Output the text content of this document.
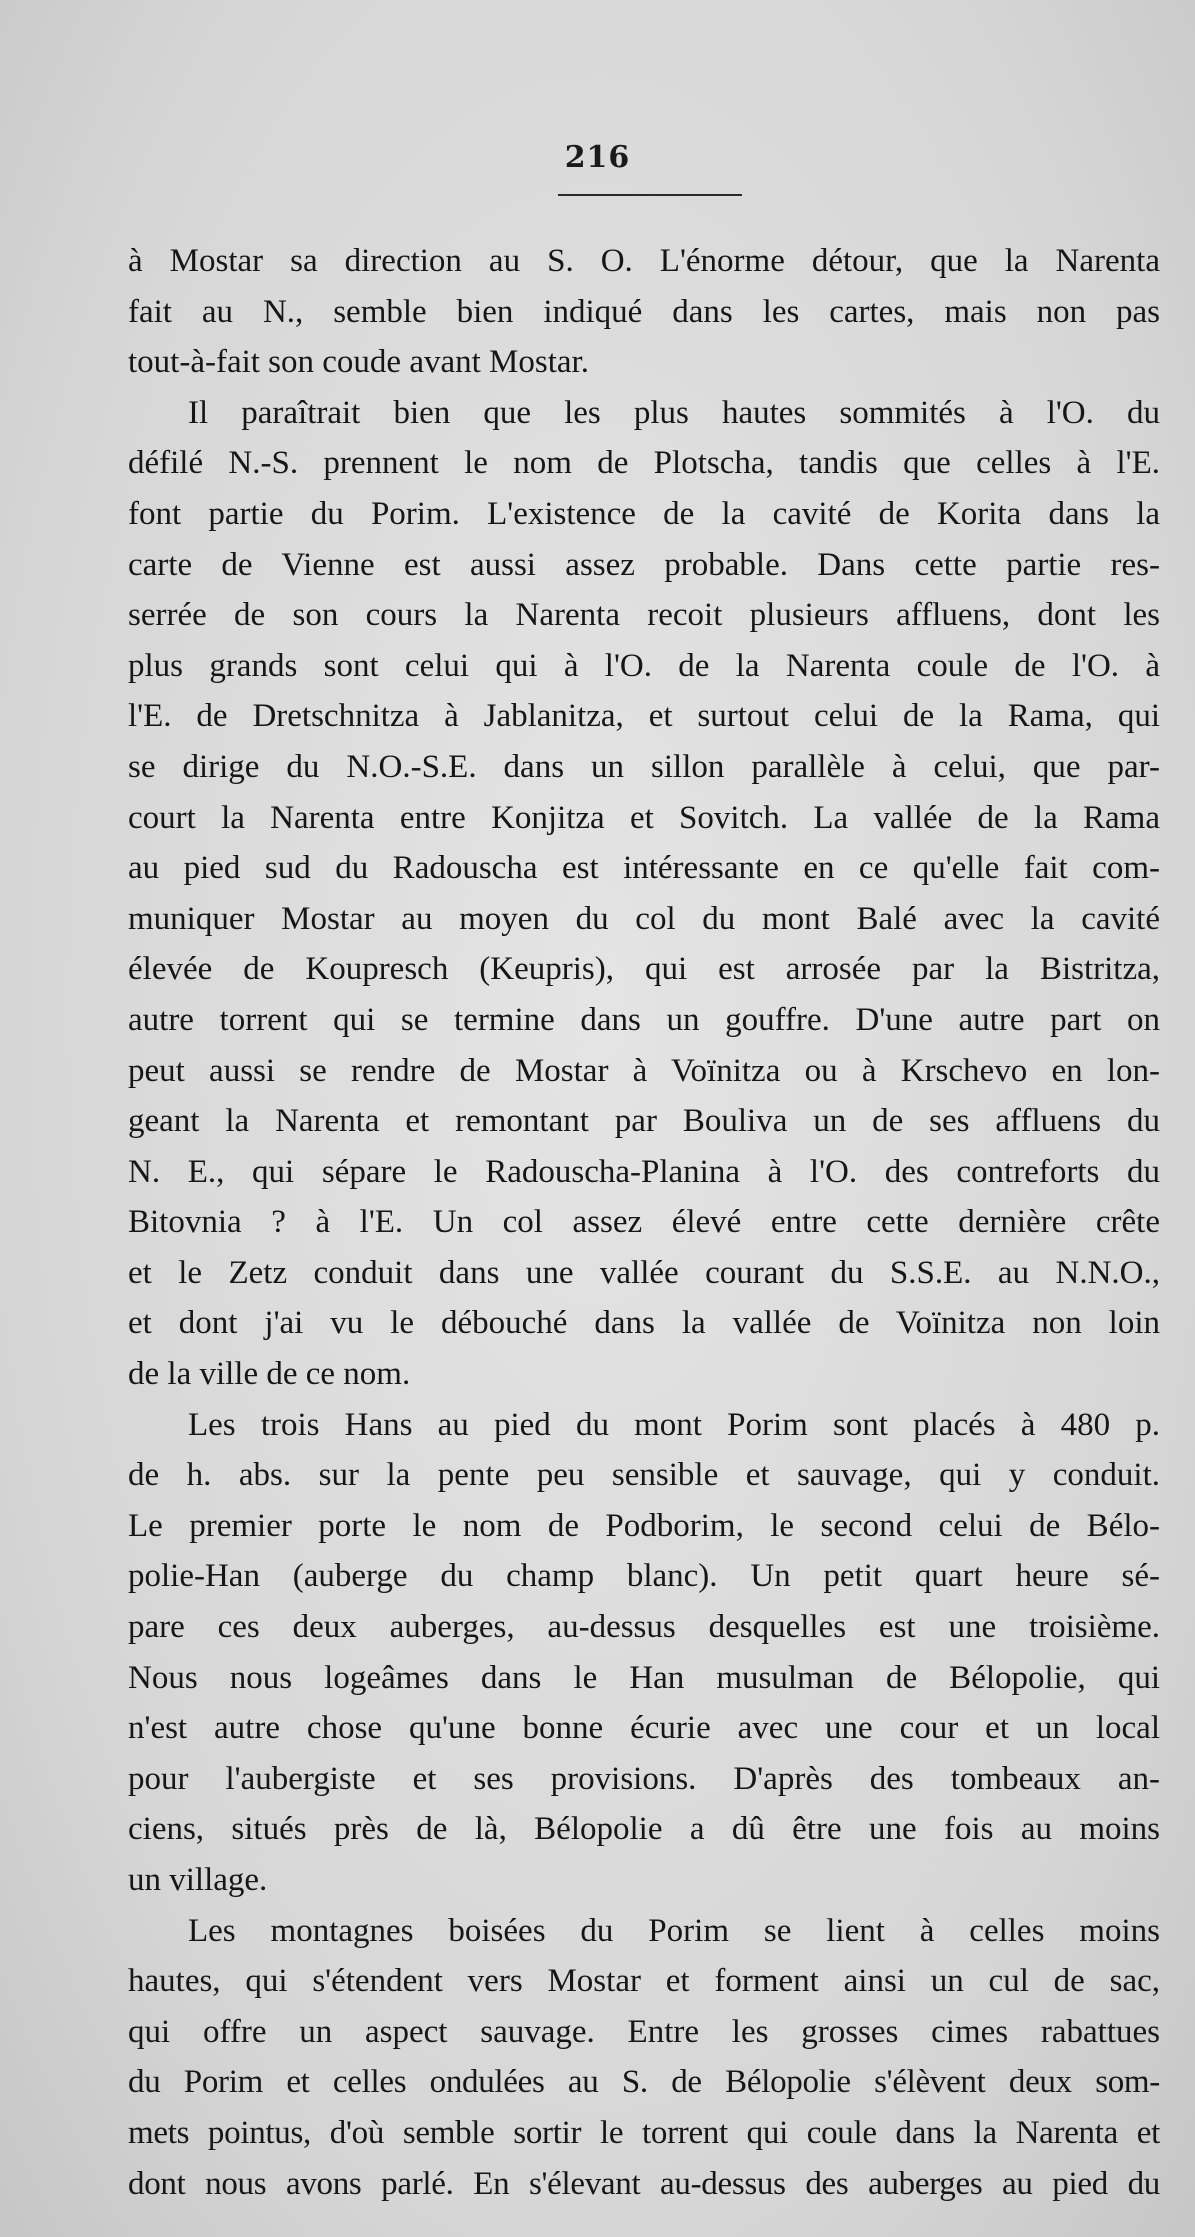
216
à Mostar sa direction au S. O. L'énorme détour, que la Narenta
fait au N., semble bien indiqué dans les cartes, mais non pas
tout-à-fait son coude avant Mostar.
Il paraîtrait bien que les plus hautes sommités à l'O. du
défilé N.-S. prennent le nom de Plotscha, tandis que celles à l'E.
font partie du Porim. L'existence de la cavité de Korita dans la
carte de Vienne est aussi assez probable. Dans cette partie res-
serrée de son cours la Narenta recoit plusieurs affluens, dont les
plus grands sont celui qui à l'O. de la Narenta coule de l'O. à
l'E. de Dretschnitza à Jablanitza, et surtout celui de la Rama, qui
se dirige du N.O.-S.E. dans un sillon parallèle à celui, que par-
court la Narenta entre Konjitza et Sovitch. La vallée de la Rama
au pied sud du Radouscha est intéressante en ce qu'elle fait com-
muniquer Mostar au moyen du col du mont Balé avec la cavité
élevée de Koupresch (Keupris), qui est arrosée par la Bistritza,
autre torrent qui se termine dans un gouffre. D'une autre part on
peut aussi se rendre de Mostar à Voïnitza ou à Krschevo en lon-
geant la Narenta et remontant par Bouliva un de ses affluens du
N. E., qui sépare le Radouscha-Planina à l'O. des contreforts du
Bitovnia ? à l'E. Un col assez élevé entre cette dernière crête
et le Zetz conduit dans une vallée courant du S.S.E. au N.N.O.,
et dont j'ai vu le débouché dans la vallée de Voïnitza non loin
de la ville de ce nom.
Les trois Hans au pied du mont Porim sont placés à 480 p.
de h. abs. sur la pente peu sensible et sauvage, qui y conduit.
Le premier porte le nom de Podborim, le second celui de Bélo-
polie-Han (auberge du champ blanc). Un petit quart heure sé-
pare ces deux auberges, au-dessus desquelles est une troisième.
Nous nous logeâmes dans le Han musulman de Bélopolie, qui
n'est autre chose qu'une bonne écurie avec une cour et un local
pour l'aubergiste et ses provisions. D'après des tombeaux an-
ciens, situés près de là, Bélopolie a dû être une fois au moins
un village.
Les montagnes boisées du Porim se lient à celles moins
hautes, qui s'étendent vers Mostar et forment ainsi un cul de sac,
qui offre un aspect sauvage. Entre les grosses cimes rabattues
du Porim et celles ondulées au S. de Bélopolie s'élèvent deux som-
mets pointus, d'où semble sortir le torrent qui coule dans la Narenta et
dont nous avons parlé. En s'élevant au-dessus des auberges au pied du
